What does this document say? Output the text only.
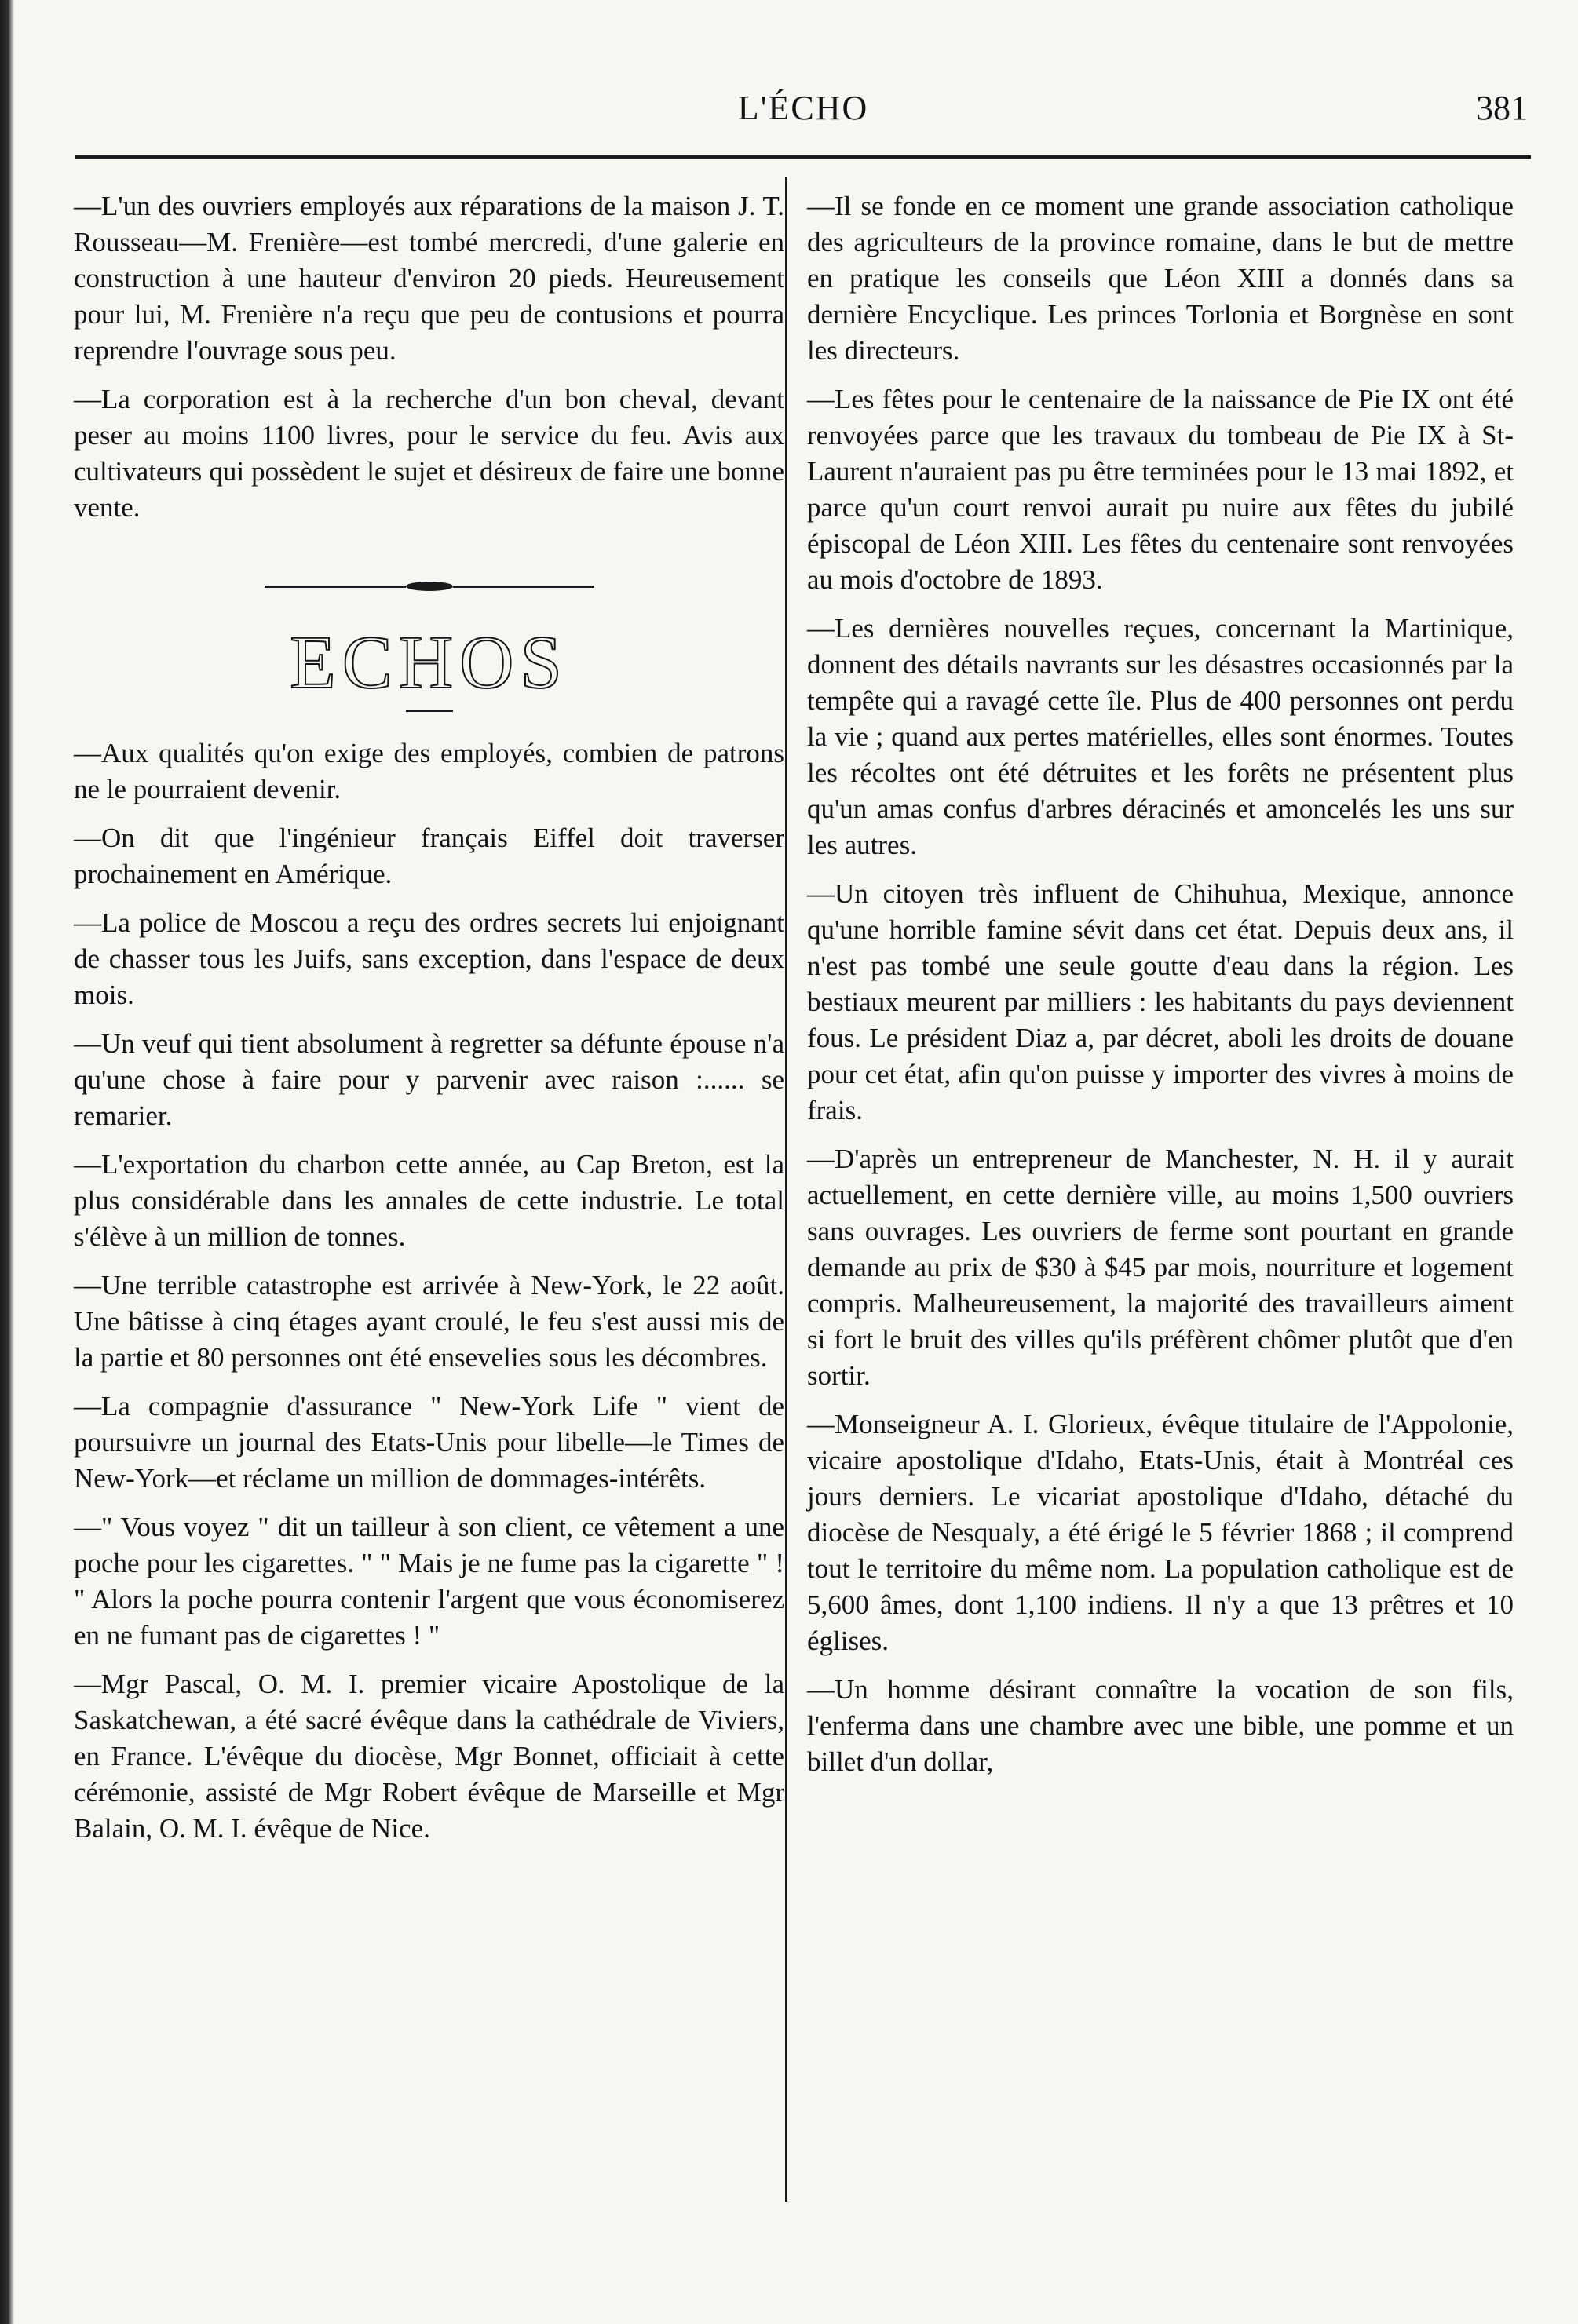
L'ÉCHO	381

—L'un des ouvriers employés aux réparations de la maison J. T. Rousseau—M. Frenière—est tombé mercredi, d'une galerie en construction à une hauteur d'environ 20 pieds. Heureusement pour lui, M. Frenière n'a reçu que peu de contusions et pourra reprendre l'ouvrage sous peu.

—La corporation est à la recherche d'un bon cheval, devant peser au moins 1100 livres, pour le service du feu. Avis aux cultivateurs qui possèdent le sujet et désireux de faire une bonne vente.

ECHOS

—Aux qualités qu'on exige des employés, combien de patrons ne le pourraient devenir.

—On dit que l'ingénieur français Eiffel doit traverser prochainement en Amérique.

—La police de Moscou a reçu des ordres secrets lui enjoignant de chasser tous les Juifs, sans exception, dans l'espace de deux mois.

—Un veuf qui tient absolument à regretter sa défunte épouse n'a qu'une chose à faire pour y parvenir avec raison :...... se remarier.

—L'exportation du charbon cette année, au Cap Breton, est la plus considérable dans les annales de cette industrie. Le total s'élève à un million de tonnes.

—Une terrible catastrophe est arrivée à New-York, le 22 août. Une bâtisse à cinq étages ayant croulé, le feu s'est aussi mis de la partie et 80 personnes ont été ensevelies sous les décombres.

—La compagnie d'assurance " New-York Life " vient de poursuivre un journal des Etats-Unis pour libelle—le Times de New-York—et réclame un million de dommages-intérêts.

—" Vous voyez " dit un tailleur à son client, ce vêtement a une poche pour les cigarettes. " " Mais je ne fume pas la cigarette " ! " Alors la poche pourra contenir l'argent que vous économiserez en ne fumant pas de cigarettes ! "

—Mgr Pascal, O. M. I. premier vicaire Apostolique de la Saskatchewan, a été sacré évêque dans la cathédrale de Viviers, en France. L'évêque du diocèse, Mgr Bonnet, officiait à cette cérémonie, assisté de Mgr Robert évêque de Marseille et Mgr Balain, O. M. I. évêque de Nice.

—Il se fonde en ce moment une grande association catholique des agriculteurs de la province romaine, dans le but de mettre en pratique les conseils que Léon XIII a donnés dans sa dernière Encyclique. Les princes Torlonia et Borgnèse en sont les directeurs.

—Les fêtes pour le centenaire de la naissance de Pie IX ont été renvoyées parce que les travaux du tombeau de Pie IX à St-Laurent n'auraient pas pu être terminées pour le 13 mai 1892, et parce qu'un court renvoi aurait pu nuire aux fêtes du jubilé épiscopal de Léon XIII. Les fêtes du centenaire sont renvoyées au mois d'octobre de 1893.

—Les dernières nouvelles reçues, concernant la Martinique, donnent des détails navrants sur les désastres occasionnés par la tempête qui a ravagé cette île. Plus de 400 personnes ont perdu la vie ; quand aux pertes matérielles, elles sont énormes. Toutes les récoltes ont été détruites et les forêts ne présentent plus qu'un amas confus d'arbres déracinés et amoncelés les uns sur les autres.

—Un citoyen très influent de Chihuhua, Mexique, annonce qu'une horrible famine sévit dans cet état. Depuis deux ans, il n'est pas tombé une seule goutte d'eau dans la région. Les bestiaux meurent par milliers : les habitants du pays deviennent fous. Le président Diaz a, par décret, aboli les droits de douane pour cet état, afin qu'on puisse y importer des vivres à moins de frais.

—D'après un entrepreneur de Manchester, N. H. il y aurait actuellement, en cette dernière ville, au moins 1,500 ouvriers sans ouvrages. Les ouvriers de ferme sont pourtant en grande demande au prix de $30 à $45 par mois, nourriture et logement compris. Malheureusement, la majorité des travailleurs aiment si fort le bruit des villes qu'ils préfèrent chômer plutôt que d'en sortir.

—Monseigneur A. I. Glorieux, évêque titulaire de l'Appolonie, vicaire apostolique d'Idaho, Etats-Unis, était à Montréal ces jours derniers. Le vicariat apostolique d'Idaho, détaché du diocèse de Nesqualy, a été érigé le 5 février 1868 ; il comprend tout le territoire du même nom. La population catholique est de 5,600 âmes, dont 1,100 indiens. Il n'y a que 13 prêtres et 10 églises.

—Un homme désirant connaître la vocation de son fils, l'enferma dans une chambre avec une bible, une pomme et un billet d'un dollar,
